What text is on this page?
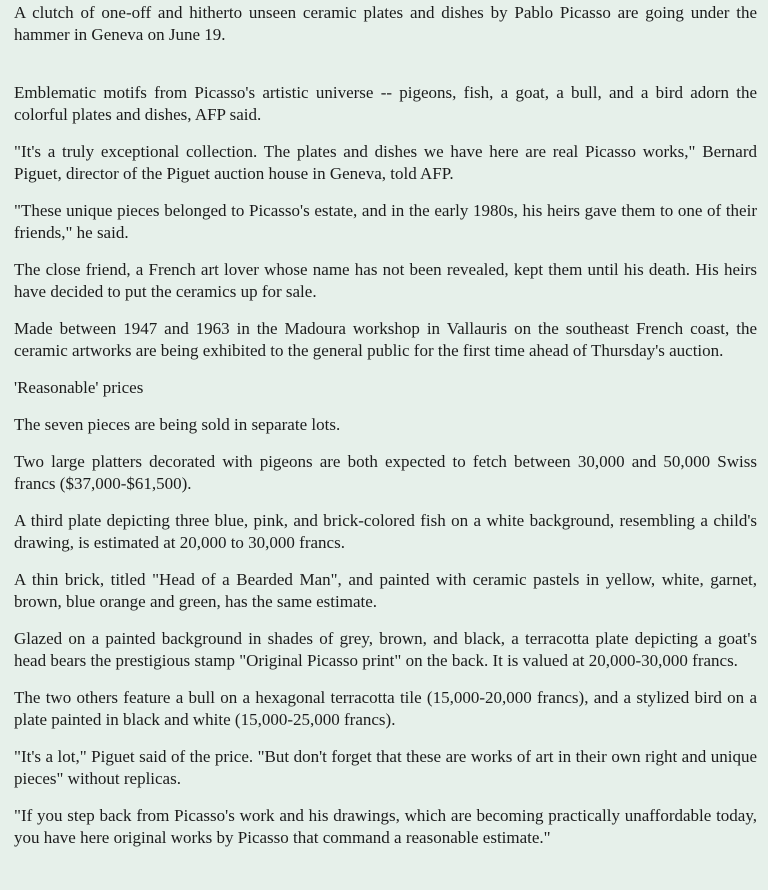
A clutch of one-off and hitherto unseen ceramic plates and dishes by Pablo Picasso are going under the hammer in Geneva on June 19.

Emblematic motifs from Picasso's artistic universe -- pigeons, fish, a goat, a bull, and a bird adorn the colorful plates and dishes, AFP said.

"It's a truly exceptional collection. The plates and dishes we have here are real Picasso works," Bernard Piguet, director of the Piguet auction house in Geneva, told AFP.

"These unique pieces belonged to Picasso's estate, and in the early 1980s, his heirs gave them to one of their friends," he said.

The close friend, a French art lover whose name has not been revealed, kept them until his death. His heirs have decided to put the ceramics up for sale.

Made between 1947 and 1963 in the Madoura workshop in Vallauris on the southeast French coast, the ceramic artworks are being exhibited to the general public for the first time ahead of Thursday's auction.

'Reasonable' prices

The seven pieces are being sold in separate lots.

Two large platters decorated with pigeons are both expected to fetch between 30,000 and 50,000 Swiss francs ($37,000-$61,500).

A third plate depicting three blue, pink, and brick-colored fish on a white background, resembling a child's drawing, is estimated at 20,000 to 30,000 francs.

A thin brick, titled "Head of a Bearded Man", and painted with ceramic pastels in yellow, white, garnet, brown, blue orange and green, has the same estimate.

Glazed on a painted background in shades of grey, brown, and black, a terracotta plate depicting a goat's head bears the prestigious stamp "Original Picasso print" on the back. It is valued at 20,000-30,000 francs.

The two others feature a bull on a hexagonal terracotta tile (15,000-20,000 francs), and a stylized bird on a plate painted in black and white (15,000-25,000 francs).

"It's a lot," Piguet said of the price. "But don't forget that these are works of art in their own right and unique pieces" without replicas.

"If you step back from Picasso's work and his drawings, which are becoming practically unaffordable today, you have here original works by Picasso that command a reasonable estimate."
